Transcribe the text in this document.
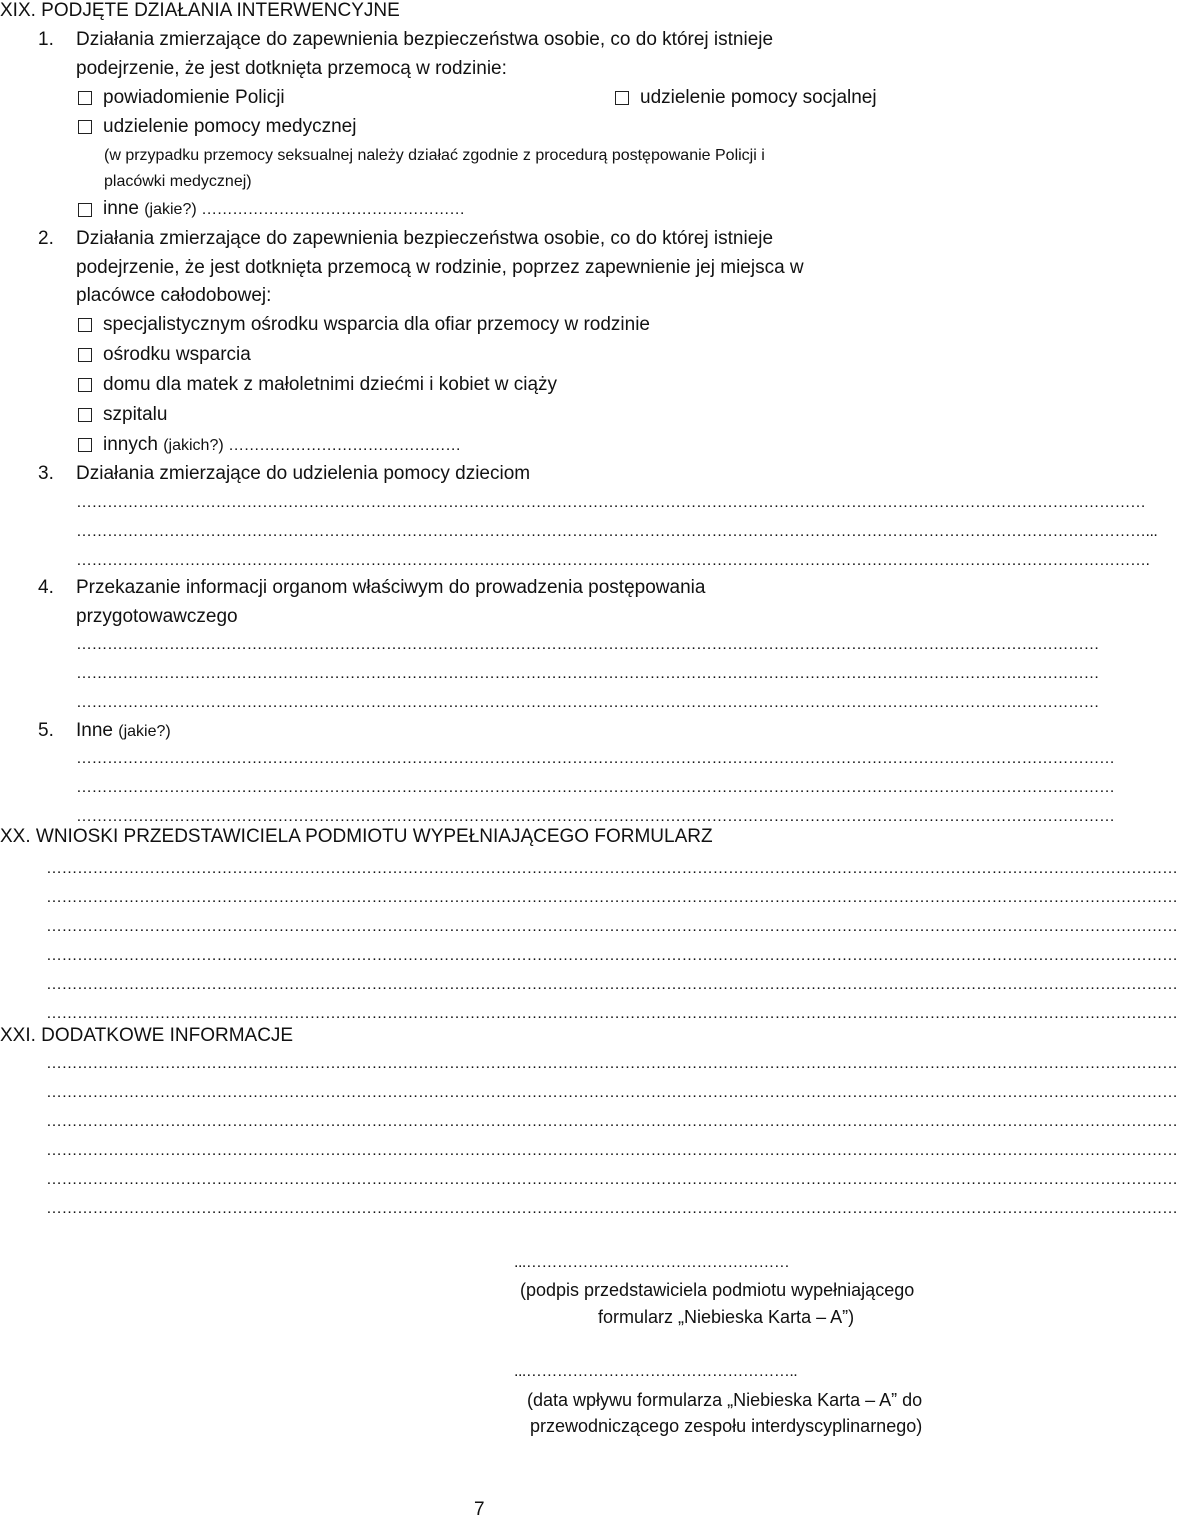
XIX. PODJĘTE DZIAŁANIA INTERWENCYJNE
1. Działania zmierzające do zapewnienia bezpieczeństwa osobie, co do której istnieje
podejrzenie, że jest dotknięta przemocą w rodzinie:
powiadomienie Policji	udzielenie pomocy socjalnej
udzielenie pomocy medycznej
(w przypadku przemocy seksualnej należy działać zgodnie z procedurą postępowanie Policji i
placówki medycznej)
inne (jakie?) ……………………………………………
2. Działania zmierzające do zapewnienia bezpieczeństwa osobie, co do której istnieje
podejrzenie, że jest dotknięta przemocą w rodzinie, poprzez zapewnienie jej miejsca w
placówce całodobowej:
specjalistycznym ośrodku wsparcia dla ofiar przemocy w rodzinie
ośrodku wsparcia
domu dla matek z małoletnimi dziećmi i kobiet w ciąży
szpitalu
innych (jakich?) ………………………………………
3. Działania zmierzające do udzielenia pomocy dzieciom
………………………………………………………………………………………………………………………………………………………………………………………
………………………………………………………………………………………………………………………………………………………………………………………...
……………………………………………………………………………………………………………………………………………………………………………………….
4. Przekazanie informacji organom właściwym do prowadzenia postępowania
przygotowawczego
………………………………………………………………………………………………………………………………………………………………………………
………………………………………………………………………………………………………………………………………………………………………………
………………………………………………………………………………………………………………………………………………………………………………
5. Inne (jakie?)
…………………………………………………………………………………………………………………………………………………………………………………
…………………………………………………………………………………………………………………………………………………………………………………
…………………………………………………………………………………………………………………………………………………………………………………
XX. WNIOSKI PRZEDSTAWICIELA PODMIOTU WYPEŁNIAJĄCEGO FORMULARZ
…………………………………………………………………………………………………………………………………………………………………………………………………
…………………………………………………………………………………………………………………………………………………………………………………………………
…………………………………………………………………………………………………………………………………………………………………………………………………
…………………………………………………………………………………………………………………………………………………………………………………………………
…………………………………………………………………………………………………………………………………………………………………………………………………
…………………………………………………………………………………………………………………………………………………………………………………………………
XXI. DODATKOWE INFORMACJE
…………………………………………………………………………………………………………………………………………………………………………………………………
…………………………………………………………………………………………………………………………………………………………………………………………………
…………………………………………………………………………………………………………………………………………………………………………………………………
…………………………………………………………………………………………………………………………………………………………………………………………………
…………………………………………………………………………………………………………………………………………………………………………………………………
…………………………………………………………………………………………………………………………………………………………………………………………………
...……………………………………………
(podpis przedstawiciela podmiotu wypełniającego
formularz „Niebieska Karta – A”)
...……………………………………………..
(data wpływu formularza „Niebieska Karta – A” do
przewodniczącego zespołu interdyscyplinarnego)
7
